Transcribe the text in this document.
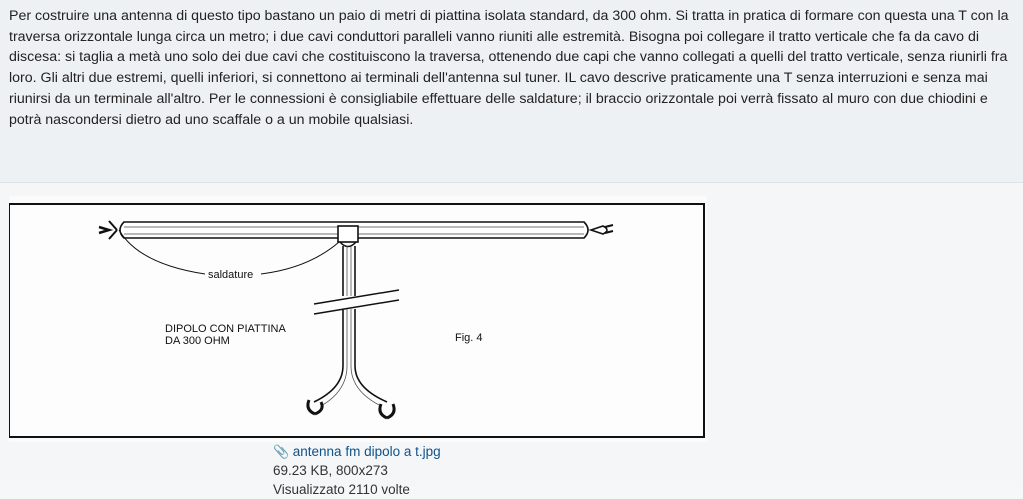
Per costruire una antenna di questo tipo bastano un paio di metri di piattina isolata standard, da 300 ohm. Si tratta in pratica di formare con questa una T con la traversa orizzontale lunga circa un metro; i due cavi conduttori paralleli vanno riuniti alle estremità. Bisogna poi collegare il tratto verticale che fa da cavo di discesa: si taglia a metà uno solo dei due cavi che costituiscono la traversa, ottenendo due capi che vanno collegati a quelli del tratto verticale, senza riunirli fra loro. Gli altri due estremi, quelli inferiori, si connettono ai terminali dell'antenna sul tuner. IL cavo descrive praticamente una T senza interruzioni e senza mai riunirsi da un terminale all'altro. Per le connessioni è consigliabile effettuare delle saldature; il braccio orizzontale poi verrà fissato al muro con due chiodini e potrà nascondersi dietro ad uno scaffale o a un mobile qualsiasi.

saldature
DIPOLO CON PIATTINA
DA 300 OHM	Fig. 4
📎 antenna fm dipolo a t.jpg
69.23 KB, 800x273
Visualizzato 2110 volte
